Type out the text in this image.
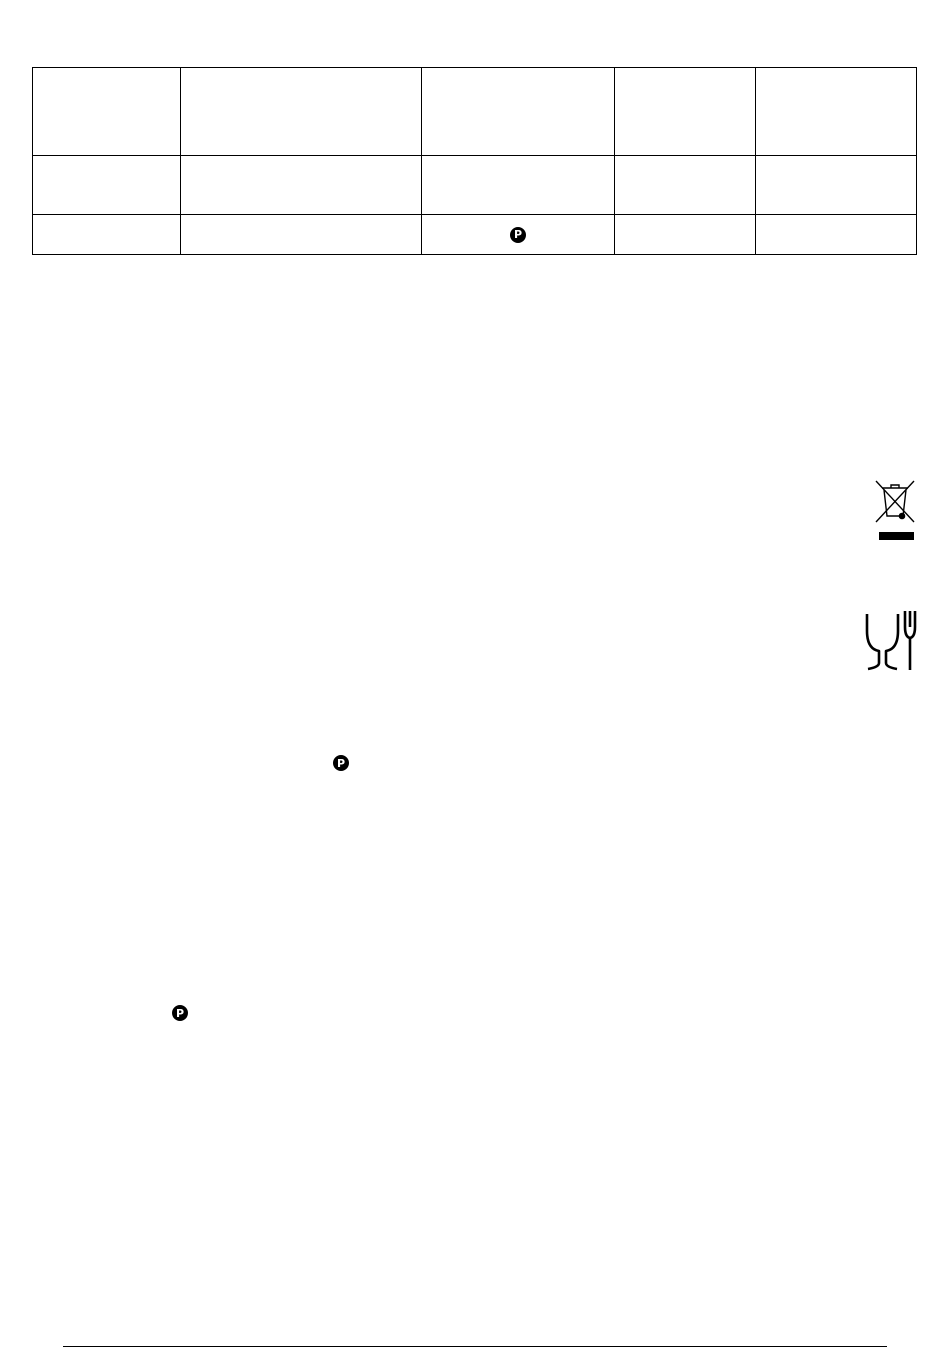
		P		
P
P
